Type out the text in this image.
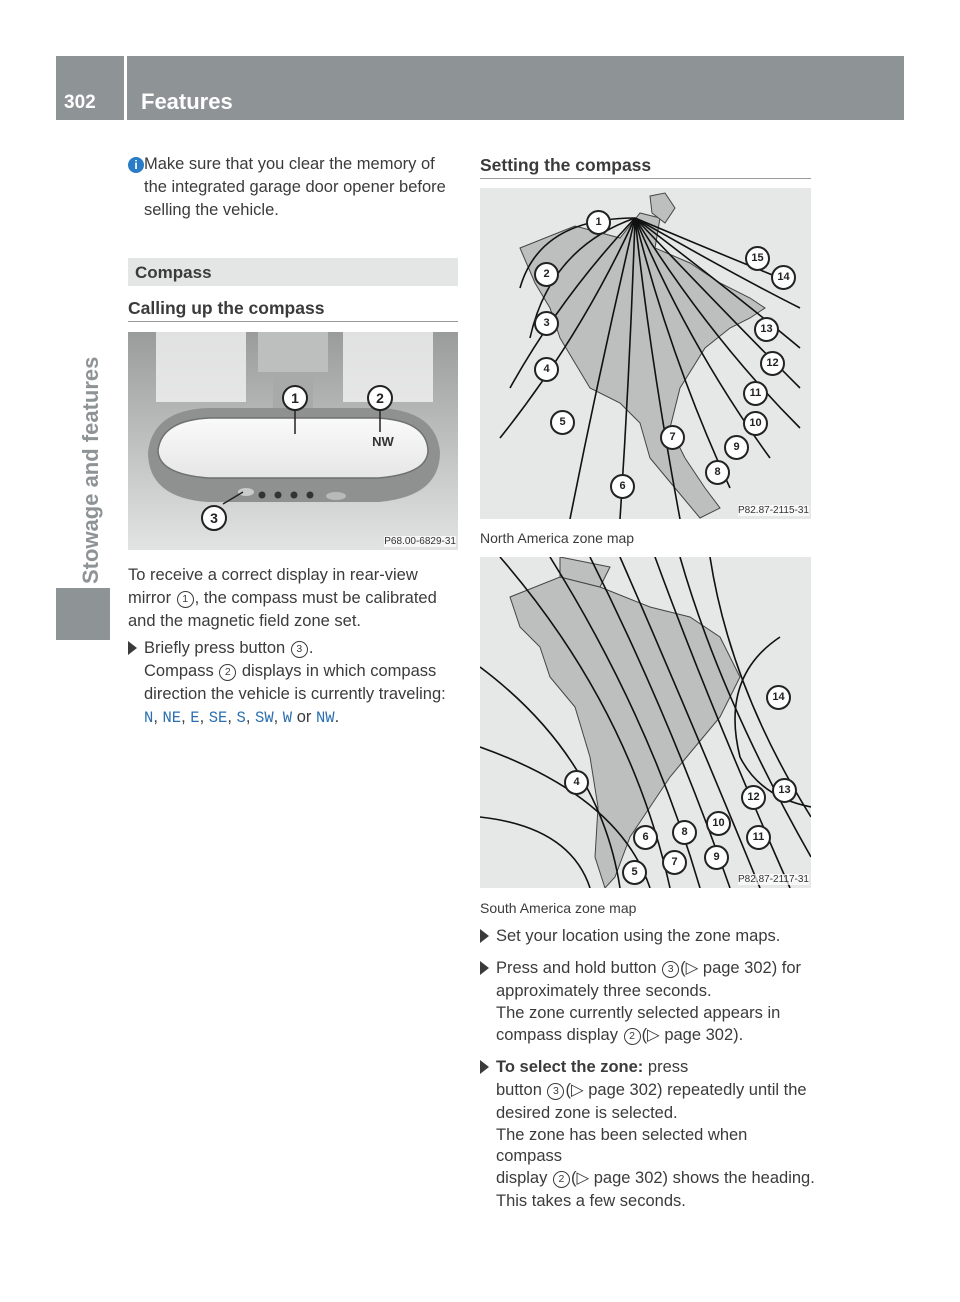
302 Features
Stowage and features
i Make sure that you clear the memory of
the integrated garage door opener before
selling the vehicle.
Compass
Calling up the compass
1	2
3
NW
P68.00-6829-31
To receive a correct display in rear-view
mirror 1 , the compass must be calibrated
and the magnetic field zone set.
Briefly press button 3 .
Compass 2 displays in which compass
direction the vehicle is currently traveling:
N, NE, E, SE, S, SW, W or NW.
Setting the compass
P82.87-2115-31
North America zone map
1
2
3
4
5
6
7
8
9
10
11
12
13
14
15
P82.87-2117-31
South America zone map
4
5
6
7
8
9
10
11
12
13
14
Set your location using the zone maps.
Press and hold button 3 (▷ page 302) for
approximately three seconds.
The zone currently selected appears in
compass display 2 (▷ page 302).
To select the zone: press
button 3 (▷ page 302) repeatedly until the
desired zone is selected.
The zone has been selected when compass
display 2 (▷ page 302) shows the heading.
This takes a few seconds.
